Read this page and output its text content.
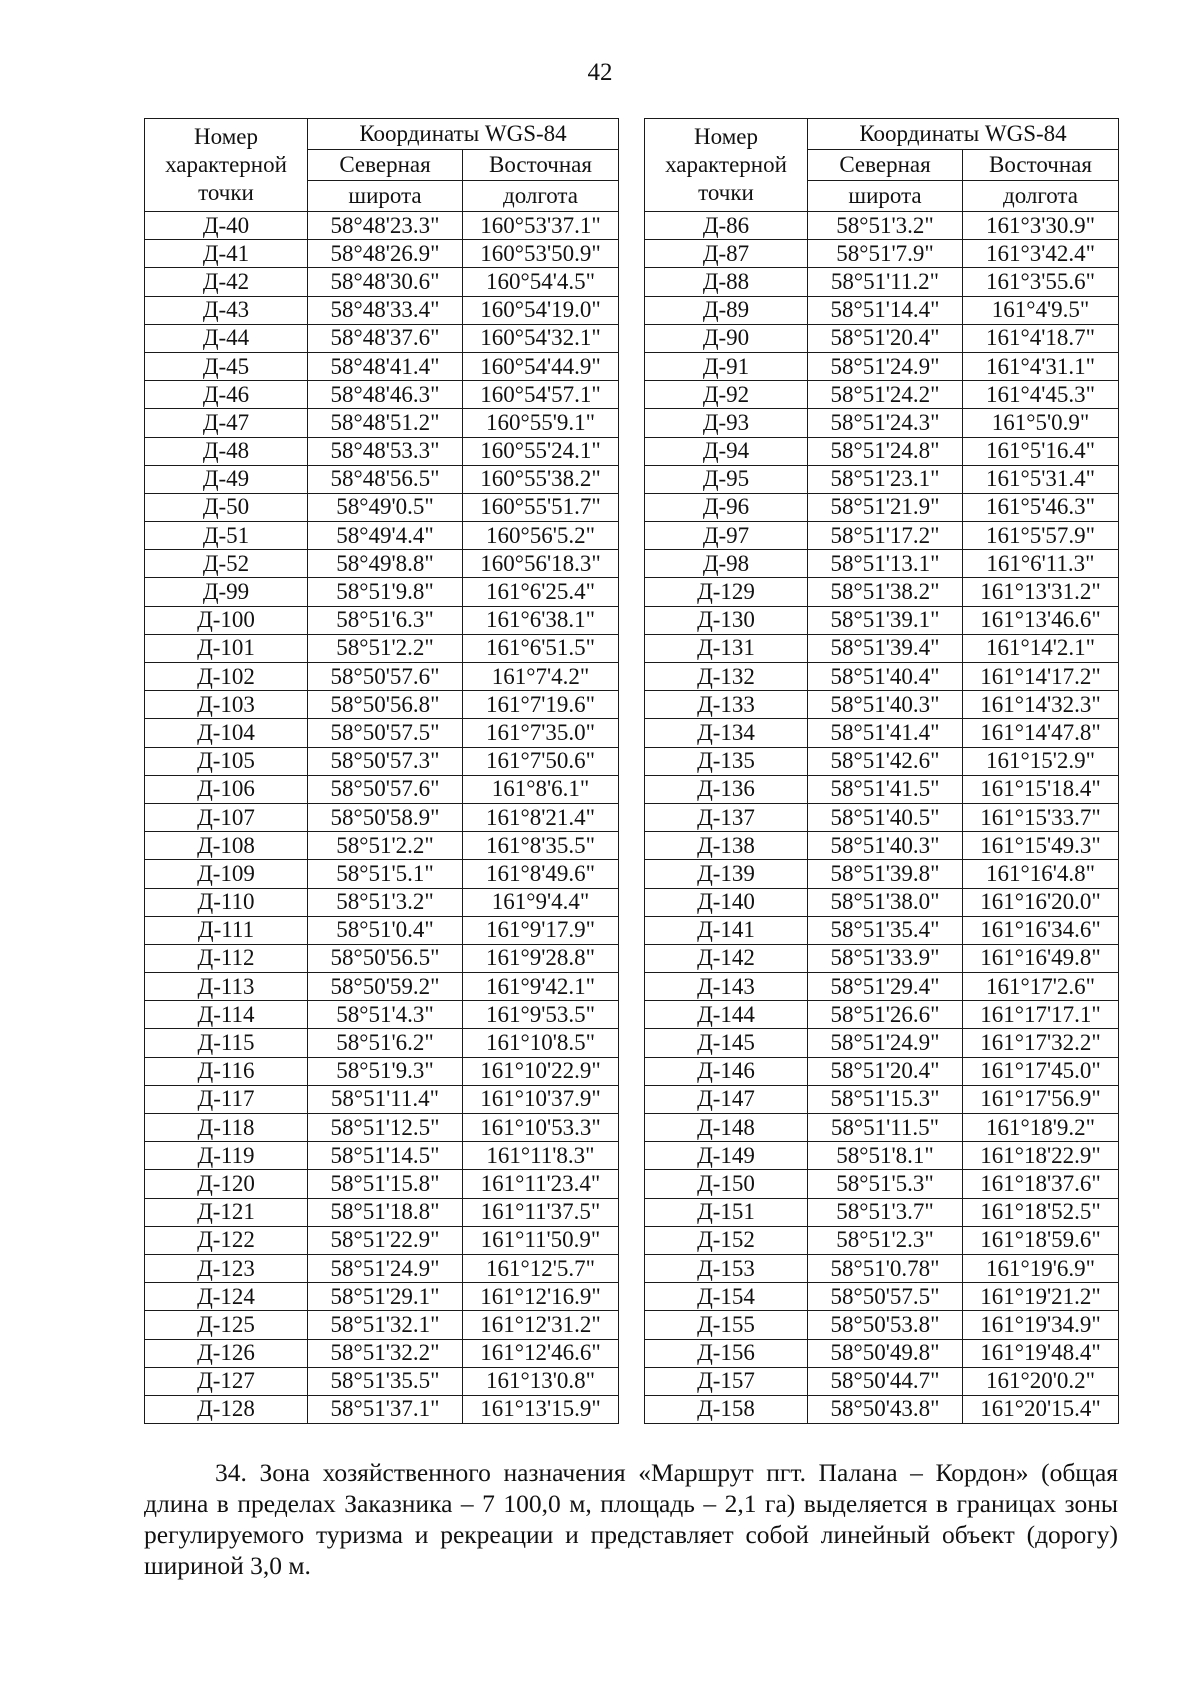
42
Номер
характерной
точки	Координаты WGS-84	
	Северная	Восточная
	широта	долгота
Д-40	58°48'23.3"	160°53'37.1"
Д-41	58°48'26.9"	160°53'50.9"
Д-42	58°48'30.6"	160°54'4.5"
Д-43	58°48'33.4"	160°54'19.0"
Д-44	58°48'37.6"	160°54'32.1"
Д-45	58°48'41.4"	160°54'44.9"
Д-46	58°48'46.3"	160°54'57.1"
Д-47	58°48'51.2"	160°55'9.1"
Д-48	58°48'53.3"	160°55'24.1"
Д-49	58°48'56.5"	160°55'38.2"
Д-50	58°49'0.5"	160°55'51.7"
Д-51	58°49'4.4"	160°56'5.2"
Д-52	58°49'8.8"	160°56'18.3"
Д-99	58°51'9.8"	161°6'25.4"
Д-100	58°51'6.3"	161°6'38.1"
Д-101	58°51'2.2"	161°6'51.5"
Д-102	58°50'57.6"	161°7'4.2"
Д-103	58°50'56.8"	161°7'19.6"
Д-104	58°50'57.5"	161°7'35.0"
Д-105	58°50'57.3"	161°7'50.6"
Д-106	58°50'57.6"	161°8'6.1"
Д-107	58°50'58.9"	161°8'21.4"
Д-108	58°51'2.2"	161°8'35.5"
Д-109	58°51'5.1"	161°8'49.6"
Д-110	58°51'3.2"	161°9'4.4"
Д-111	58°51'0.4"	161°9'17.9"
Д-112	58°50'56.5"	161°9'28.8"
Д-113	58°50'59.2"	161°9'42.1"
Д-114	58°51'4.3"	161°9'53.5"
Д-115	58°51'6.2"	161°10'8.5"
Д-116	58°51'9.3"	161°10'22.9"
Д-117	58°51'11.4"	161°10'37.9"
Д-118	58°51'12.5"	161°10'53.3"
Д-119	58°51'14.5"	161°11'8.3"
Д-120	58°51'15.8"	161°11'23.4"
Д-121	58°51'18.8"	161°11'37.5"
Д-122	58°51'22.9"	161°11'50.9"
Д-123	58°51'24.9"	161°12'5.7"
Д-124	58°51'29.1"	161°12'16.9"
Д-125	58°51'32.1"	161°12'31.2"
Д-126	58°51'32.2"	161°12'46.6"
Д-127	58°51'35.5"	161°13'0.8"
Д-128	58°51'37.1"	161°13'15.9"
Номер
характерной
точки	Координаты WGS-84	
	Северная	Восточная
	широта	долгота
Д-86	58°51'3.2"	161°3'30.9"
Д-87	58°51'7.9"	161°3'42.4"
Д-88	58°51'11.2"	161°3'55.6"
Д-89	58°51'14.4"	161°4'9.5"
Д-90	58°51'20.4"	161°4'18.7"
Д-91	58°51'24.9"	161°4'31.1"
Д-92	58°51'24.2"	161°4'45.3"
Д-93	58°51'24.3"	161°5'0.9"
Д-94	58°51'24.8"	161°5'16.4"
Д-95	58°51'23.1"	161°5'31.4"
Д-96	58°51'21.9"	161°5'46.3"
Д-97	58°51'17.2"	161°5'57.9"
Д-98	58°51'13.1"	161°6'11.3"
Д-129	58°51'38.2"	161°13'31.2"
Д-130	58°51'39.1"	161°13'46.6"
Д-131	58°51'39.4"	161°14'2.1"
Д-132	58°51'40.4"	161°14'17.2"
Д-133	58°51'40.3"	161°14'32.3"
Д-134	58°51'41.4"	161°14'47.8"
Д-135	58°51'42.6"	161°15'2.9"
Д-136	58°51'41.5"	161°15'18.4"
Д-137	58°51'40.5"	161°15'33.7"
Д-138	58°51'40.3"	161°15'49.3"
Д-139	58°51'39.8"	161°16'4.8"
Д-140	58°51'38.0"	161°16'20.0"
Д-141	58°51'35.4"	161°16'34.6"
Д-142	58°51'33.9"	161°16'49.8"
Д-143	58°51'29.4"	161°17'2.6"
Д-144	58°51'26.6"	161°17'17.1"
Д-145	58°51'24.9"	161°17'32.2"
Д-146	58°51'20.4"	161°17'45.0"
Д-147	58°51'15.3"	161°17'56.9"
Д-148	58°51'11.5"	161°18'9.2"
Д-149	58°51'8.1"	161°18'22.9"
Д-150	58°51'5.3"	161°18'37.6"
Д-151	58°51'3.7"	161°18'52.5"
Д-152	58°51'2.3"	161°18'59.6"
Д-153	58°51'0.78"	161°19'6.9"
Д-154	58°50'57.5"	161°19'21.2"
Д-155	58°50'53.8"	161°19'34.9"
Д-156	58°50'49.8"	161°19'48.4"
Д-157	58°50'44.7"	161°20'0.2"
Д-158	58°50'43.8"	161°20'15.4"

34. Зона хозяйственного назначения «Маршрут пгт. Палана – Кордон» (общая длина в пределах Заказника – 7 100,0 м, площадь – 2,1 га) выделяется в границах зоны регулируемого туризма и рекреации и представляет собой линейный объект (дорогу) шириной 3,0 м.
